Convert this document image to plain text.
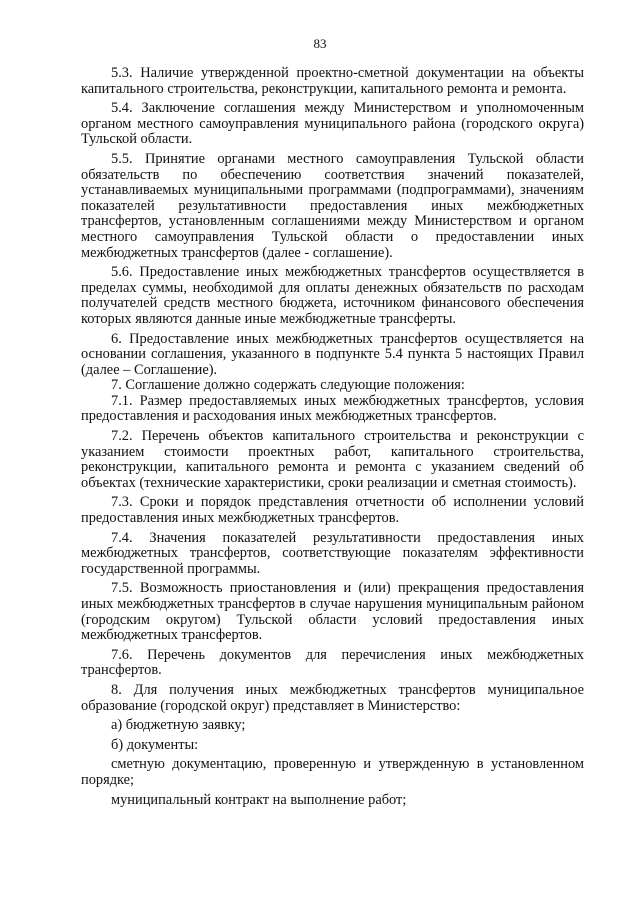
83

5.3. Наличие утвержденной проектно-сметной документации на объекты капитального строительства, реконструкции, капитального ремонта и ремонта.

5.4. Заключение соглашения между Министерством и уполномоченным органом местного самоуправления муниципального района (городского округа) Тульской области.

5.5. Принятие органами местного самоуправления Тульской области обязательств по обеспечению соответствия значений показателей, устанавливаемых муниципальными программами (подпрограммами), значениям показателей результативности предоставления иных межбюджетных трансфертов, установленным соглашениями между Министерством и органом местного самоуправления Тульской области о предоставлении иных межбюджетных трансфертов (далее - соглашение).

5.6. Предоставление иных межбюджетных трансфертов осуществляется в пределах суммы, необходимой для оплаты денежных обязательств по расходам получателей средств местного бюджета, источником финансового обеспечения которых являются данные иные межбюджетные трансферты.

6. Предоставление иных межбюджетных трансфертов осуществляется на основании соглашения, указанного в подпункте 5.4 пункта 5 настоящих Правил (далее – Соглашение).

7. Соглашение должно содержать следующие положения:

7.1. Размер предоставляемых иных межбюджетных трансфертов, условия предоставления и расходования иных межбюджетных трансфертов.

7.2. Перечень объектов капитального строительства и реконструкции с указанием стоимости проектных работ, капитального строительства, реконструкции, капитального ремонта и ремонта с указанием сведений об объектах (технические характеристики, сроки реализации и сметная стоимость).

7.3. Сроки и порядок представления отчетности об исполнении условий предоставления иных межбюджетных трансфертов.

7.4. Значения показателей результативности предоставления иных межбюджетных трансфертов, соответствующие показателям эффективности государственной программы.

7.5. Возможность приостановления и (или) прекращения предоставления иных межбюджетных трансфертов в случае нарушения муниципальным районом (городским округом) Тульской области условий предоставления иных межбюджетных трансфертов.

7.6. Перечень документов для перечисления иных межбюджетных трансфертов.

8. Для получения иных межбюджетных трансфертов муниципальное образование (городской округ) представляет в Министерство:

а) бюджетную заявку;

б) документы:

сметную документацию, проверенную и утвержденную в установленном порядке;

муниципальный контракт на выполнение работ;
